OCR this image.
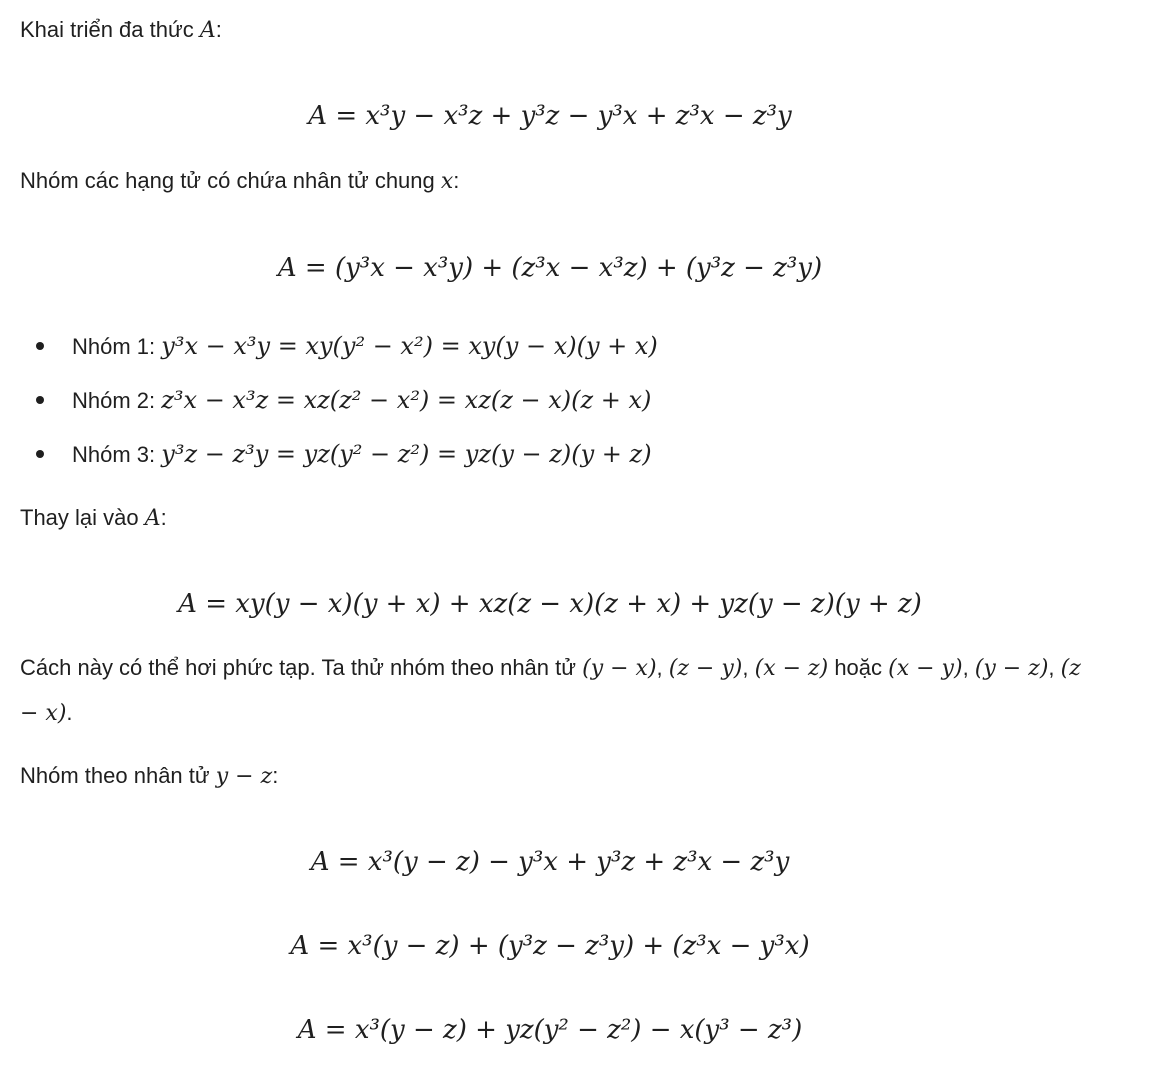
Khai triển đa thức A:
A = x³y − x³z + y³z − y³x + z³x − z³y
Nhóm các hạng tử có chứa nhân tử chung x:
A = (y³x − x³y) + (z³x − x³z) + (y³z − z³y)
Nhóm 1: y³x − x³y = xy(y² − x²) = xy(y − x)(y + x)
Nhóm 2: z³x − x³z = xz(z² − x²) = xz(z − x)(z + x)
Nhóm 3: y³z − z³y = yz(y² − z²) = yz(y − z)(y + z)
Thay lại vào A:
A = xy(y − x)(y + x) + xz(z − x)(z + x) + yz(y − z)(y + z)
Cách này có thể hơi phức tạp. Ta thử nhóm theo nhân tử (y − x), (z − y), (x − z) hoặc (x − y), (y − z), (z − x).
Nhóm theo nhân tử y − z:
A = x³(y − z) − y³x + y³z + z³x − z³y
A = x³(y − z) + (y³z − z³y) + (z³x − y³x)
A = x³(y − z) + yz(y² − z²) − x(y³ − z³)
